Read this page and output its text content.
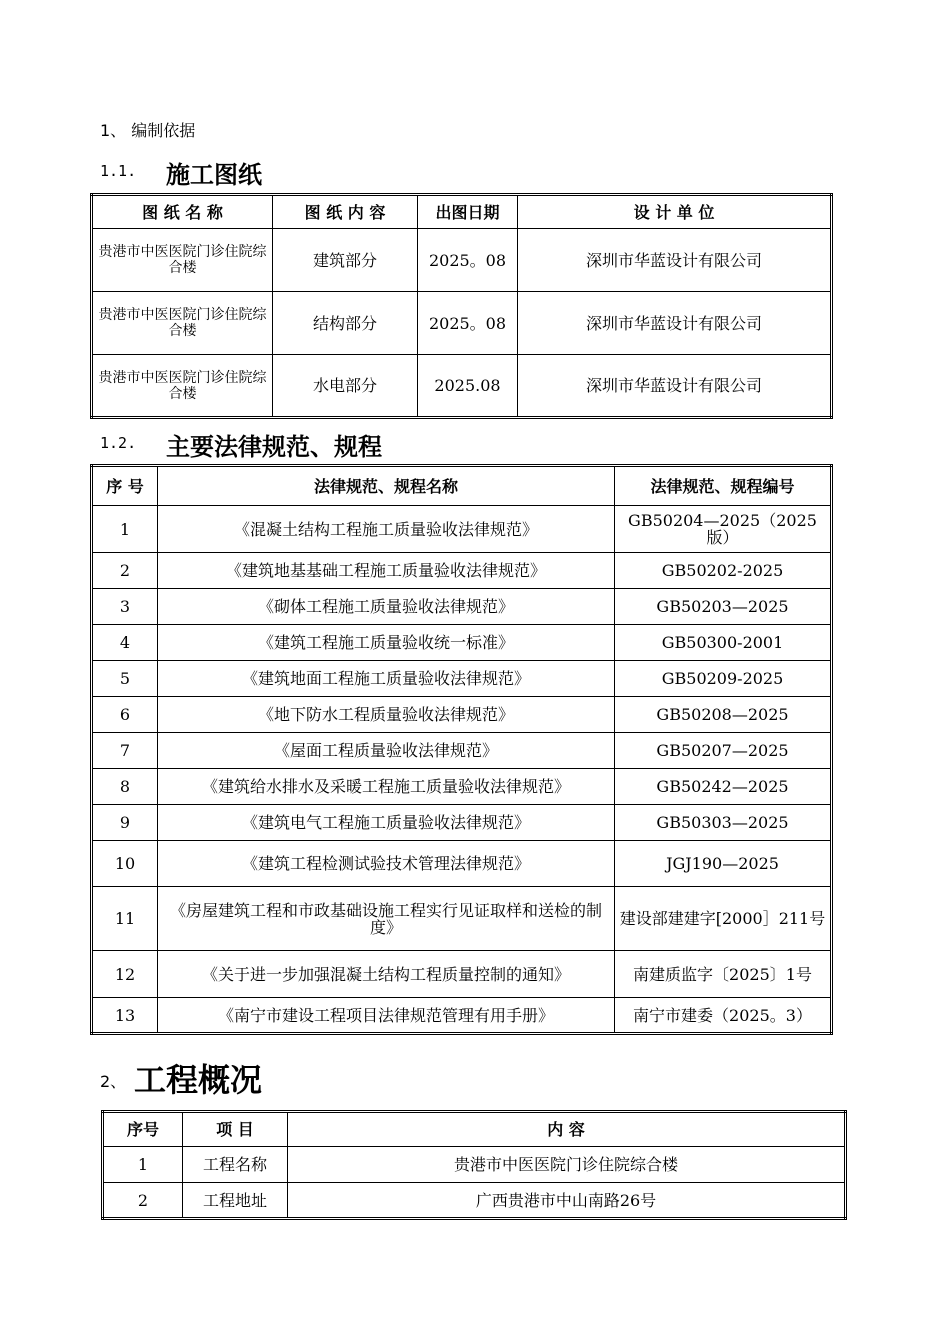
1、 编制依据
1.1. 施工图纸
图 纸 名 称	图 纸 内 容	出图日期	设 计 单 位
贵港市中医医院门诊住院综合楼	建筑部分	2025。08	深圳市华蓝设计有限公司
贵港市中医医院门诊住院综合楼	结构部分	2025。08	深圳市华蓝设计有限公司
贵港市中医医院门诊住院综合楼	水电部分	2025.08	深圳市华蓝设计有限公司
1.2. 主要法律规范、规程
序 号	法律规范、规程名称	法律规范、规程编号
1	《混凝土结构工程施工质量验收法律规范》	GB50204—2025（2025版）
2	《建筑地基基础工程施工质量验收法律规范》	GB50202-2025
3	《砌体工程施工质量验收法律规范》	GB50203—2025
4	《建筑工程施工质量验收统一标准》	GB50300-2001
5	《建筑地面工程施工质量验收法律规范》	GB50209-2025
6	《地下防水工程质量验收法律规范》	GB50208—2025
7	《屋面工程质量验收法律规范》	GB50207—2025
8	《建筑给水排水及采暖工程施工质量验收法律规范》	GB50242—2025
9	《建筑电气工程施工质量验收法律规范》	GB50303—2025
10	《建筑工程检测试验技术管理法律规范》	JGJ190—2025
11	《房屋建筑工程和市政基础设施工程实行见证取样和送检的制度》	建设部建建字[2000］211号
12	《关于进一步加强混凝土结构工程质量控制的通知》	南建质监字〔2025〕1号
13	《南宁市建设工程项目法律规范管理有用手册》	南宁市建委（2025。3）
2、 工程概况
序号	项 目	内 容
1	工程名称	贵港市中医医院门诊住院综合楼
2	工程地址	广西贵港市中山南路26号
